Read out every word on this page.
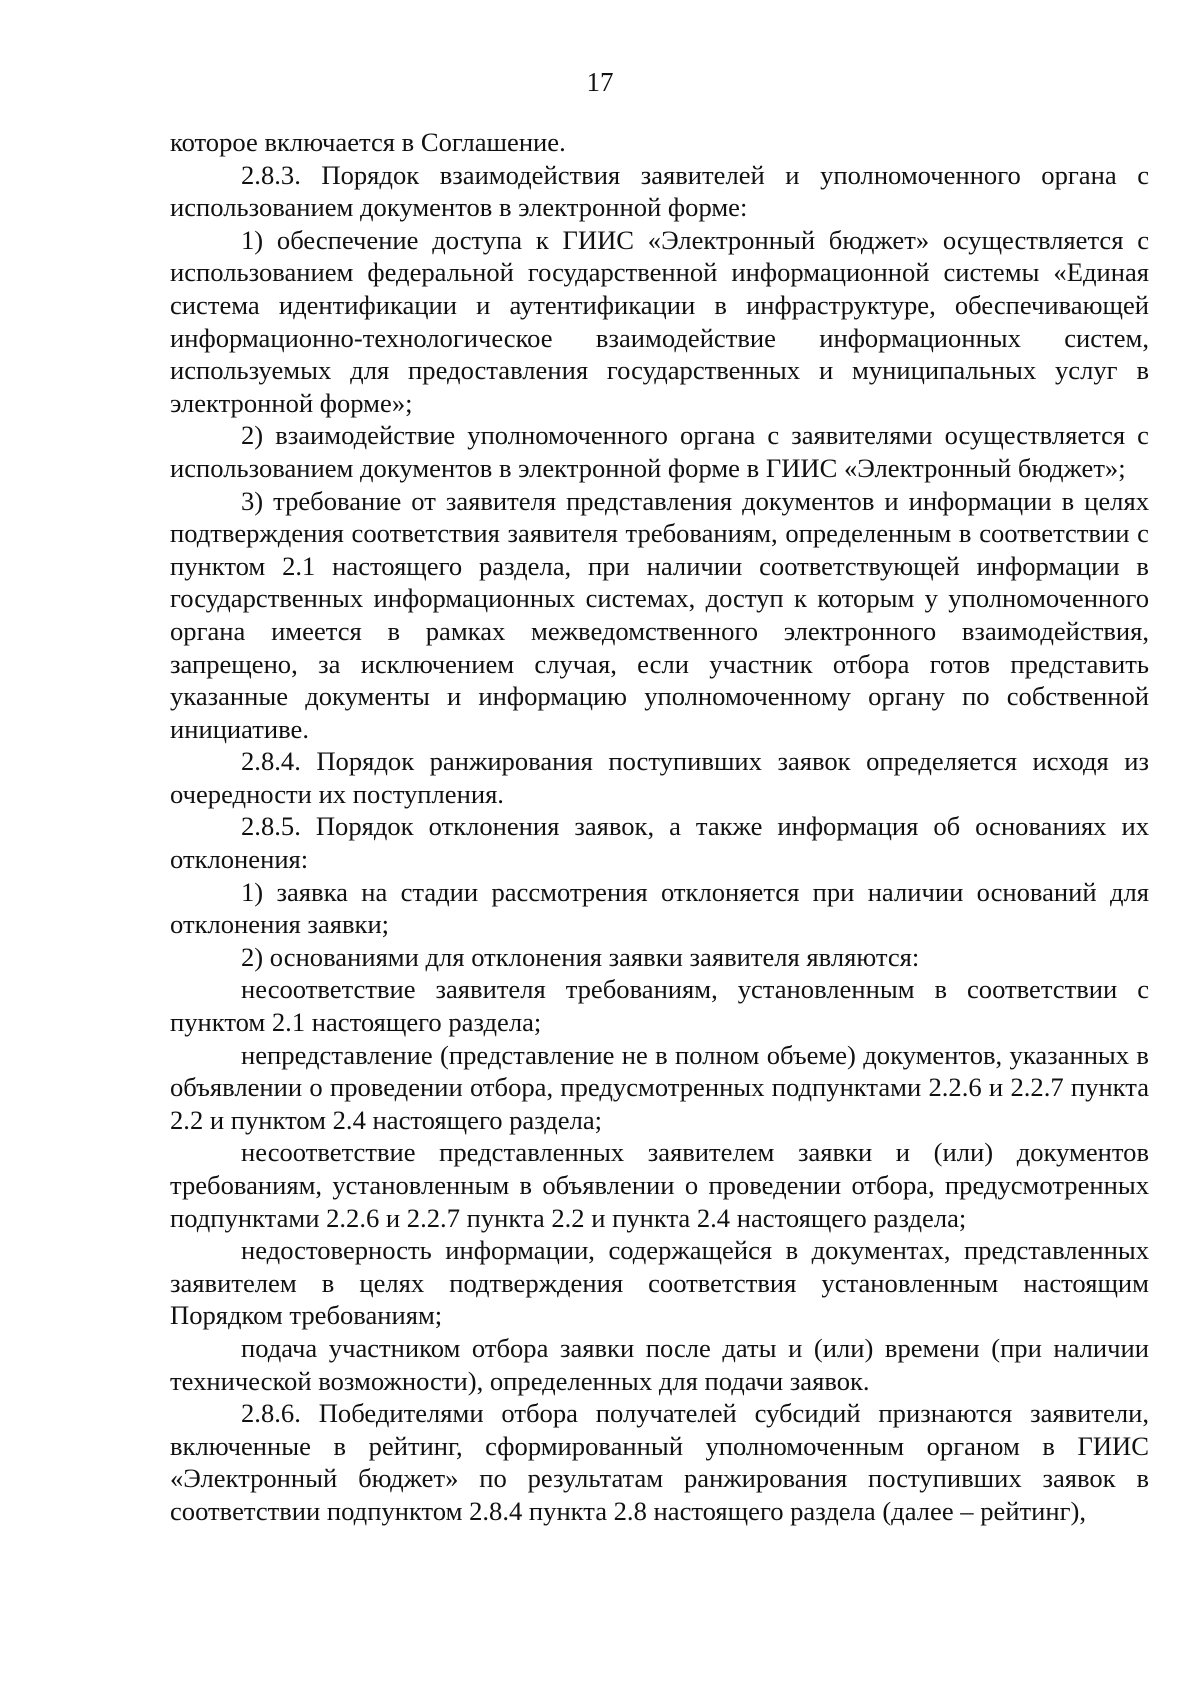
17

которое включается в Соглашение.

2.8.3. Порядок взаимодействия заявителей и уполномоченного органа с использованием документов в электронной форме:

1) обеспечение доступа к ГИИС «Электронный бюджет» осуществляется с использованием федеральной государственной информационной системы «Единая система идентификации и аутентификации в инфраструктуре, обеспечивающей информационно-технологическое взаимодействие информационных систем, используемых для предоставления государственных и муниципальных услуг в электронной форме»;

2) взаимодействие уполномоченного органа с заявителями осуществляется с использованием документов в электронной форме в ГИИС «Электронный бюджет»;

3) требование от заявителя представления документов и информации в целях подтверждения соответствия заявителя требованиям, определенным в соответствии с пунктом 2.1 настоящего раздела, при наличии соответствующей информации в государственных информационных системах, доступ к которым у уполномоченного органа имеется в рамках межведомственного электронного взаимодействия, запрещено, за исключением случая, если участник отбора готов представить указанные документы и информацию уполномоченному органу по собственной инициативе.

2.8.4. Порядок ранжирования поступивших заявок определяется исходя из очередности их поступления.

2.8.5. Порядок отклонения заявок, а также информация об основаниях их отклонения:

1) заявка на стадии рассмотрения отклоняется при наличии оснований для отклонения заявки;

2) основаниями для отклонения заявки заявителя являются:

несоответствие заявителя требованиям, установленным в соответствии с пунктом 2.1 настоящего раздела;

непредставление (представление не в полном объеме) документов, указанных в объявлении о проведении отбора, предусмотренных подпунктами 2.2.6 и 2.2.7 пункта 2.2 и пунктом 2.4 настоящего раздела;

несоответствие представленных заявителем заявки и (или) документов требованиям, установленным в объявлении о проведении отбора, предусмотренных подпунктами 2.2.6 и 2.2.7 пункта 2.2 и пункта 2.4 настоящего раздела;

недостоверность информации, содержащейся в документах, представленных заявителем в целях подтверждения соответствия установленным настоящим Порядком требованиям;

подача участником отбора заявки после даты и (или) времени (при наличии технической возможности), определенных для подачи заявок.

2.8.6. Победителями отбора получателей субсидий признаются заявители, включенные в рейтинг, сформированный уполномоченным органом в ГИИС «Электронный бюджет» по результатам ранжирования поступивших заявок в соответствии подпунктом 2.8.4 пункта 2.8 настоящего раздела (далее – рейтинг),
